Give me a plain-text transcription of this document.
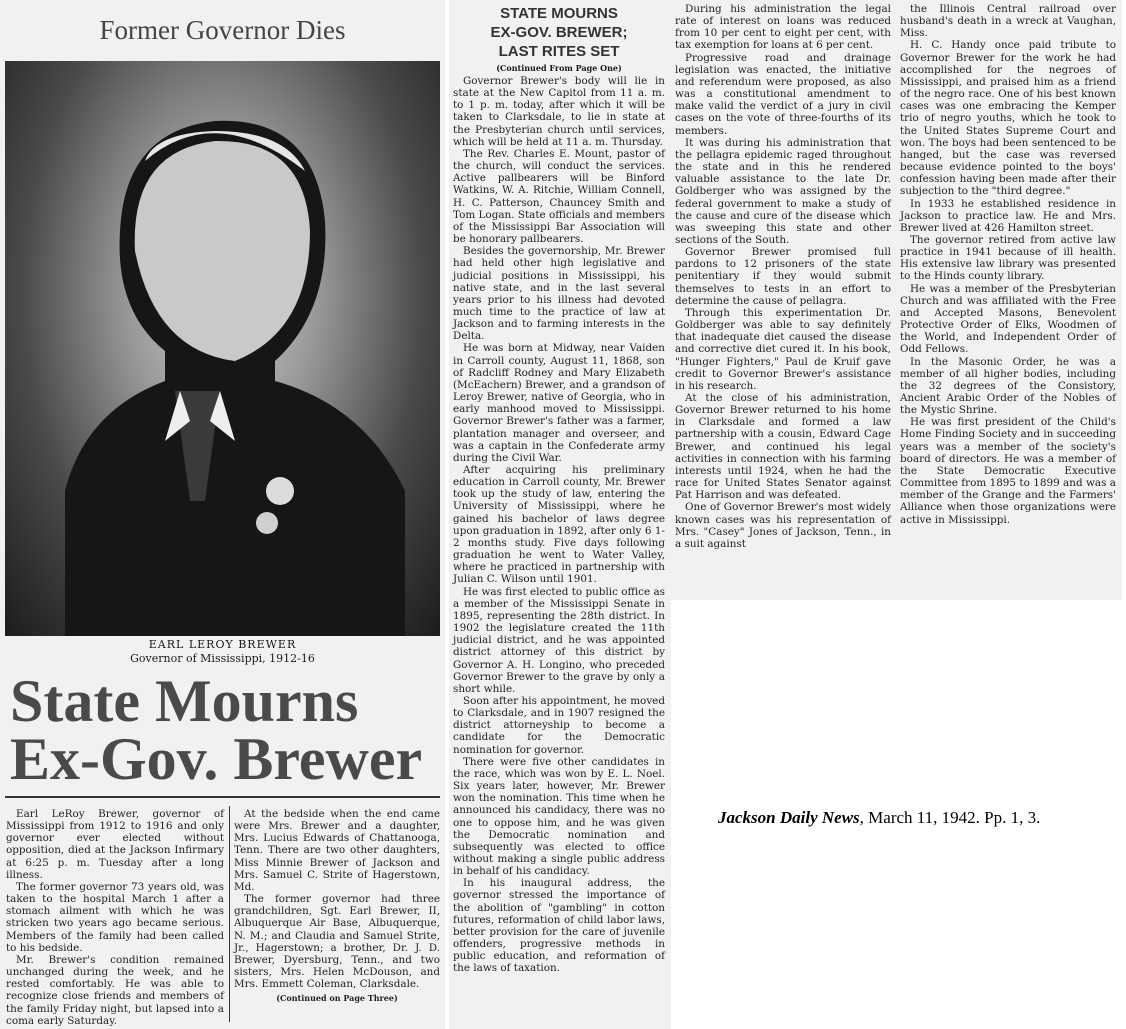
Former Governor Dies
EARL LEROY BREWER
Governor of Mississippi, 1912-16
State Mourns
Ex-Gov. Brewer

Earl LeRoy Brewer, governor of Mississippi from 1912 to 1916 and only governor ever elected without opposition, died at the Jackson Infirmary at 6:25 p. m. Tuesday after a long illness.

The former governor 73 years old, was taken to the hospital March 1 after a stomach ailment with which he was stricken two years ago became serious. Members of the family had been called to his bedside.

Mr. Brewer's condition remained unchanged during the week, and he rested comfortably. He was able to recognize close friends and members of the family Friday night, but lapsed into a coma early Saturday.

At the bedside when the end came were Mrs. Brewer and a daughter, Mrs. Lucius Edwards of Chattanooga, Tenn. There are two other daughters, Miss Minnie Brewer of Jackson and Mrs. Samuel C. Strite of Hagerstown, Md.

The former governor had three grandchildren, Sgt. Earl Brewer, II, Albuquerque Air Base, Albuquerque, N. M.; and Claudia and Samuel Strite, Jr., Hagerstown; a brother, Dr. J. D. Brewer, Dyersburg, Tenn., and two sisters, Mrs. Helen McDouson, and Mrs. Emmett Coleman, Clarksdale.

(Continued on Page Three)
STATE MOURNS
EX-GOV. BREWER;
LAST RITES SET
(Continued From Page One)

Governor Brewer's body will lie in state at the New Capitol from 11 a. m. to 1 p. m. today, after which it will be taken to Clarksdale, to lie in state at the Presbyterian church until services, which will be held at 11 a. m. Thursday.

The Rev. Charles E. Mount, pastor of the church, will conduct the services. Active pallbearers will be Binford Watkins, W. A. Ritchie, William Connell, H. C. Patterson, Chauncey Smith and Tom Logan. State officials and members of the Mississippi Bar Association will be honorary pallbearers.

Besides the governorship, Mr. Brewer had held other high legislative and judicial positions in Mississippi, his native state, and in the last several years prior to his illness had devoted much time to the practice of law at Jackson and to farming interests in the Delta.

He was born at Midway, near Vaiden in Carroll county, August 11, 1868, son of Radcliff Rodney and Mary Elizabeth (McEachern) Brewer, and a grandson of Leroy Brewer, native of Georgia, who in early manhood moved to Mississippi. Governor Brewer's father was a farmer, plantation manager and overseer, and was a captain in the Confederate army during the Civil War.

After acquiring his preliminary education in Carroll county, Mr. Brewer took up the study of law, entering the University of Mississippi, where he gained his bachelor of laws degree upon graduation in 1892, after only 6 1-2 months study. Five days following graduation he went to Water Valley, where he practiced in partnership with Julian C. Wilson until 1901.

He was first elected to public office as a member of the Mississippi Senate in 1895, representing the 28th district. In 1902 the legislature created the 11th judicial district, and he was appointed district attorney of this district by Governor A. H. Longino, who preceded Governor Brewer to the grave by only a short while.

Soon after his appointment, he moved to Clarksdale, and in 1907 resigned the district attorneyship to become a candidate for the Democratic nomination for governor.

There were five other candidates in the race, which was won by E. L. Noel. Six years later, however, Mr. Brewer won the nomination. This time when he announced his candidacy, there was no one to oppose him, and he was given the Democratic nomination and subsequently was elected to office without making a single public address in behalf of his candidacy.

In his inaugural address, the governor stressed the importance of the abolition of "gambling" in cotton futures, reformation of child labor laws, better provision for the care of juvenile offenders, progressive methods in public education, and reformation of the laws of taxation.

During his administration the legal rate of interest on loans was reduced from 10 per cent to eight per cent, with tax exemption for loans at 6 per cent.

Progressive road and drainage legislation was enacted, the initiative and referendum were proposed, as also was a constitutional amendment to make valid the verdict of a jury in civil cases on the vote of three-fourths of its members.

It was during his administration that the pellagra epidemic raged throughout the state and in this he rendered valuable assistance to the late Dr. Goldberger who was assigned by the federal government to make a study of the cause and cure of the disease which was sweeping this state and other sections of the South.

Governor Brewer promised full pardons to 12 prisoners of the state penitentiary if they would submit themselves to tests in an effort to determine the cause of pellagra.

Through this experimentation Dr. Goldberger was able to say definitely that inadequate diet caused the disease and corrective diet cured it. In his book, "Hunger Fighters," Paul de Kruif gave credit to Governor Brewer's assistance in his research.

At the close of his administration, Governor Brewer returned to his home in Clarksdale and formed a law partnership with a cousin, Edward Cage Brewer, and continued his legal activities in connection with his farming interests until 1924, when he had the race for United States Senator against Pat Harrison and was defeated.

One of Governor Brewer's most widely known cases was his representation of Mrs. "Casey" Jones of Jackson, Tenn., in a suit against

the Illinois Central railroad over husband's death in a wreck at Vaughan, Miss.

H. C. Handy once paid tribute to Governor Brewer for the work he had accomplished for the negroes of Mississippi, and praised him as a friend of the negro race. One of his best known cases was one embracing the Kemper trio of negro youths, which he took to the United States Supreme Court and won. The boys had been sentenced to be hanged, but the case was reversed because evidence pointed to the boys' confession having been made after their subjection to the "third degree."

In 1933 he established residence in Jackson to practice law. He and Mrs. Brewer lived at 426 Hamilton street.

The governor retired from active law practice in 1941 because of ill health. His extensive law library was presented to the Hinds county library.

He was a member of the Presbyterian Church and was affiliated with the Free and Accepted Masons, Benevolent Protective Order of Elks, Woodmen of the World, and Independent Order of Odd Fellows.

In the Masonic Order, he was a member of all higher bodies, including the 32 degrees of the Consistory, Ancient Arabic Order of the Nobles of the Mystic Shrine.

He was first president of the Child's Home Finding Society and in succeeding years was a member of the society's board of directors. He was a member of the State Democratic Executive Committee from 1895 to 1899 and was a member of the Grange and the Farmers' Alliance when those organizations were active in Mississippi.

Jackson Daily News, March 11, 1942. Pp. 1, 3.
